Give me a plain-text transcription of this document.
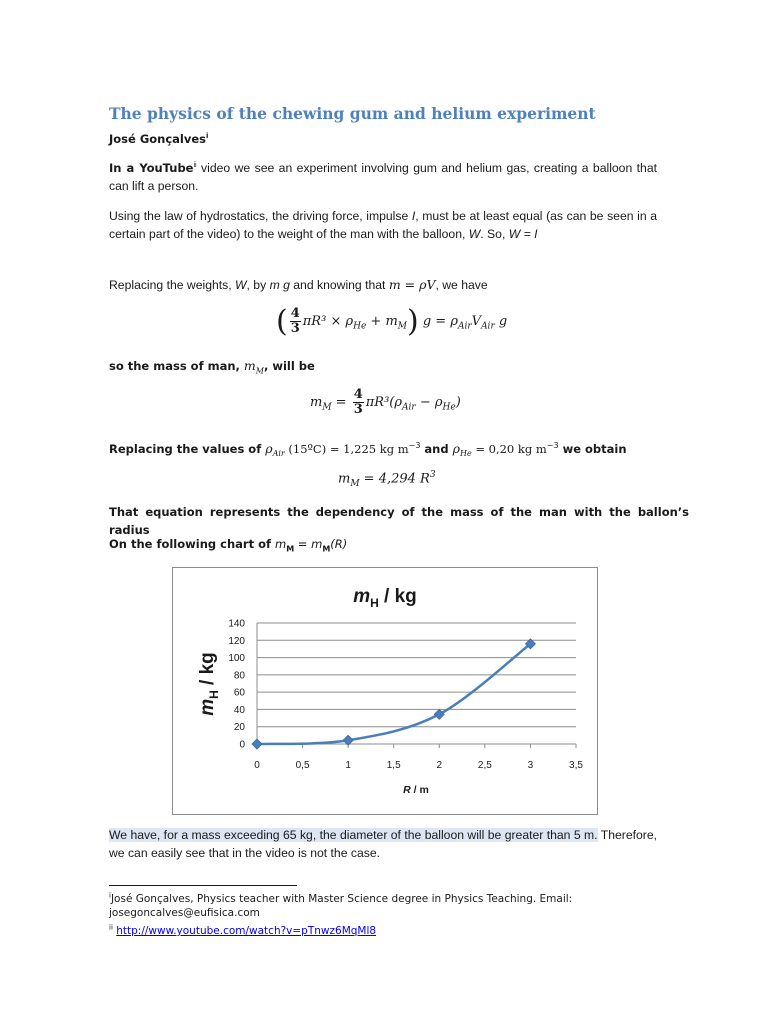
The physics of the chewing gum and helium experiment
José Gonçalves$^i$
In a YouTube$^{ii}$ video we see an experiment involving gum and helium gas, creating a balloon that can lift a person.
Using the law of hydrostatics, the driving force, impulse I, must be at least equal (as can be seen in a certain part of the video) to the weight of the man with the balloon, W. So, W = I
Replacing the weights, W, by m g and knowing that m = ρV, we have
( $\frac{4}{3} \pi R^3 \times \rho_{He} + m_M$) $g = \rho_{Air}V_{Air}$ g
so the mass of man, $m_M$, will be
$m_M = \frac{4}{3} \pi R^3(\rho_{Air} - \rho_{He})$
Replacing the values of $\rho_{Air}$ (15ºC) = 1,225 kg $m^{-3}$ and $\rho_{He} = 0,20$ kg $m^{-3}$ we obtain
$m_M = 4,294$ $R^3$
That equation represents the dependency of the mass of the man with the ballon’s radius
On the following chart of $m_M = m_M(R)$
$m_H$ / kg
$m_H$ / kg
R / m
0
20
40
60
80
100
120
140
0	0,5	1	1,5	2	2,5	3	3,5
We have, for a mass exceeding 65 kg, the diameter of the balloon will be greater than 5 m. Therefore, we can easily see that in the video is not the case.
$^i$José Gonçalves, Physics teacher with Master Science degree in Physics Teaching. Email:
josegoncalves@eufisica.com
$^{ii}$ http://www.youtube.com/watch?v=pTnwz6MqMl8
